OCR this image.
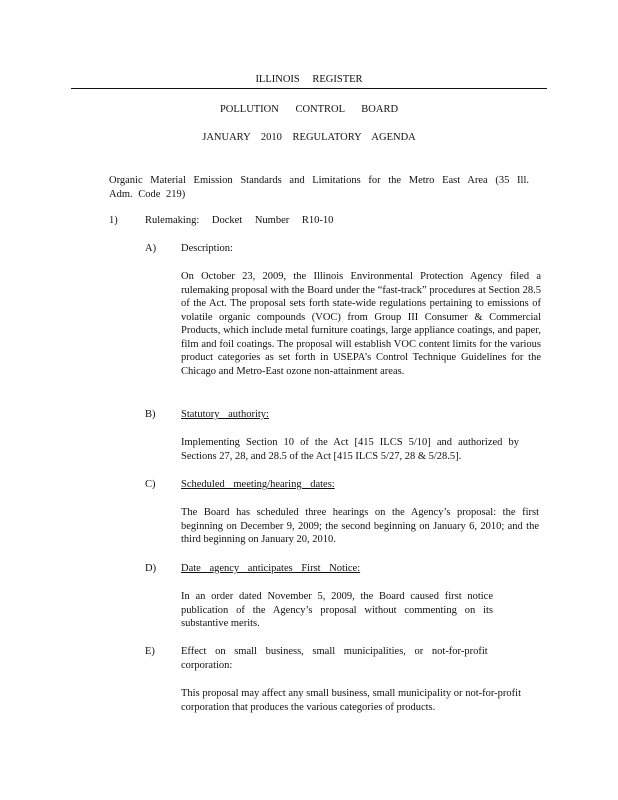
ILLINOIS REGISTER
POLLUTION CONTROL BOARD
JANUARY 2010 REGULATORY AGENDA
Organic Material Emission Standards and Limitations for the Metro East Area (35 Ill. Adm. Code 219)
1)	Rulemaking: Docket Number R10-10
A) Description:
On October 23, 2009, the Illinois Environmental Protection Agency filed a rulemaking proposal with the Board under the “fast-track” procedures at Section 28.5 of the Act. The proposal sets forth state-wide regulations pertaining to emissions of volatile organic compounds (VOC) from Group III Consumer & Commercial Products, which include metal furniture coatings, large appliance coatings, and paper, film and foil coatings. The proposal will establish VOC content limits for the various product categories as set forth in USEPA’s Control Technique Guidelines for the Chicago and Metro-East ozone non-attainment areas.
B) Statutory authority:
Implementing Section 10 of the Act [415 ILCS 5/10] and authorized by Sections 27, 28, and 28.5 of the Act [415 ILCS 5/27, 28 & 5/28.5].
C) Scheduled meeting/hearing dates:
The Board has scheduled three hearings on the Agency’s proposal: the first beginning on December 9, 2009; the second beginning on January 6, 2010; and the third beginning on January 20, 2010.
D) Date agency anticipates First Notice:
In an order dated November 5, 2009, the Board caused first notice publication of the Agency’s proposal without commenting on its substantive merits.
E) Effect on small business, small municipalities, or not-for-profit corporation:
This proposal may affect any small business, small municipality or not-for-profit corporation that produces the various categories of products.
